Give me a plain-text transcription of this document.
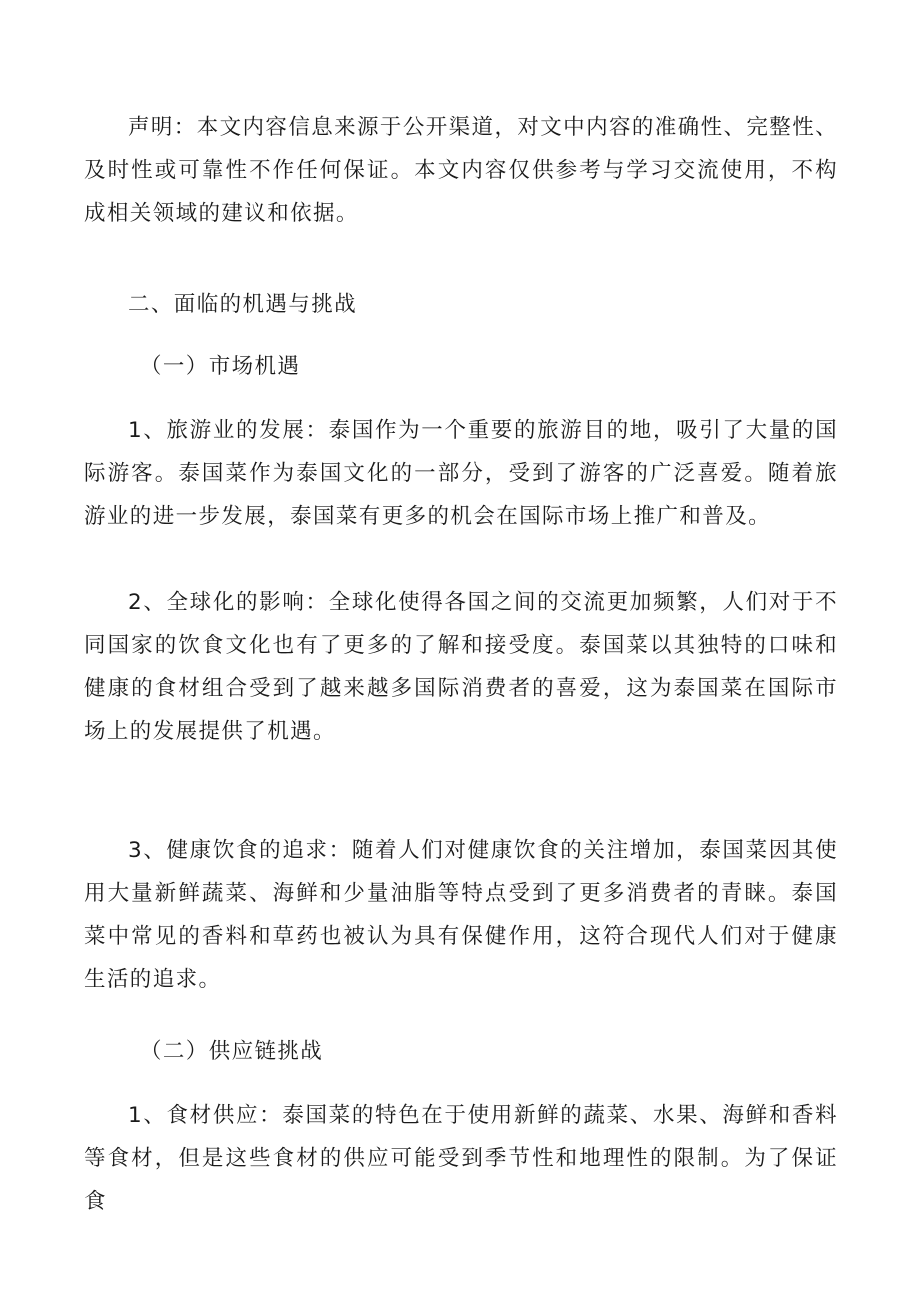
声明：本文内容信息来源于公开渠道，对文中内容的准确性、完整性、及时性或可靠性不作任何保证。本文内容仅供参考与学习交流使用，不构成相关领域的建议和依据。

二、面临的机遇与挑战

（一）市场机遇

1、旅游业的发展：泰国作为一个重要的旅游目的地，吸引了大量的国际游客。泰国菜作为泰国文化的一部分，受到了游客的广泛喜爱。随着旅游业的进一步发展，泰国菜有更多的机会在国际市场上推广和普及。

2、全球化的影响：全球化使得各国之间的交流更加频繁，人们对于不同国家的饮食文化也有了更多的了解和接受度。泰国菜以其独特的口味和健康的食材组合受到了越来越多国际消费者的喜爱，这为泰国菜在国际市场上的发展提供了机遇。

3、健康饮食的追求：随着人们对健康饮食的关注增加，泰国菜因其使用大量新鲜蔬菜、海鲜和少量油脂等特点受到了更多消费者的青睐。泰国菜中常见的香料和草药也被认为具有保健作用，这符合现代人们对于健康生活的追求。

（二）供应链挑战

1、食材供应：泰国菜的特色在于使用新鲜的蔬菜、水果、海鲜和香料等食材，但是这些食材的供应可能受到季节性和地理性的限制。为了保证食
